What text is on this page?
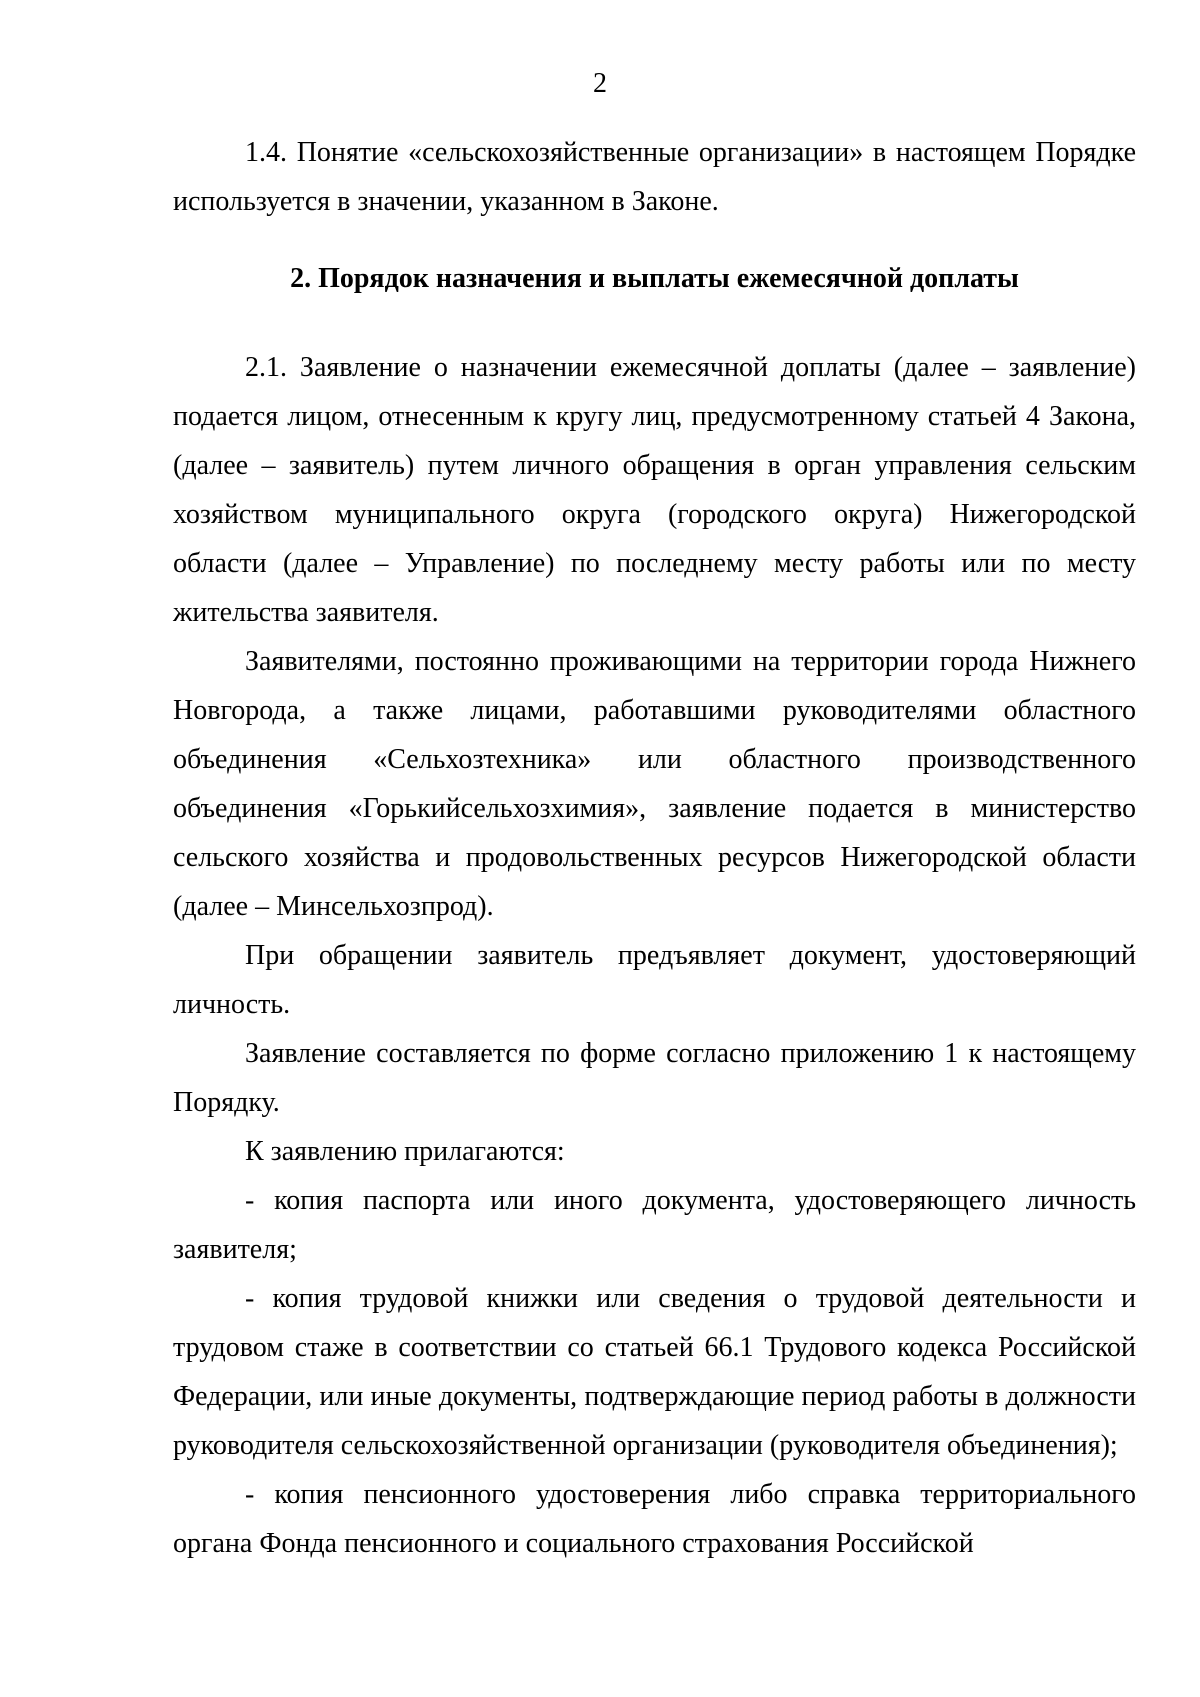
2

1.4. Понятие «сельскохозяйственные организации» в настоящем Порядке используется в значении, указанном в Законе.

2. Порядок назначения и выплаты ежемесячной доплаты

2.1. Заявление о назначении ежемесячной доплаты (далее – заявление) подается лицом, отнесенным к кругу лиц, предусмотренному статьей 4 Закона, (далее – заявитель) путем личного обращения в орган управления сельским хозяйством муниципального округа (городского округа) Нижегородской области (далее – Управление) по последнему месту работы или по месту жительства заявителя.

Заявителями, постоянно проживающими на территории города Нижнего Новгорода, а также лицами, работавшими руководителями областного объединения «Сельхозтехника» или областного производственного объединения «Горькийсельхозхимия», заявление подается в министерство сельского хозяйства и продовольственных ресурсов Нижегородской области (далее – Минсельхозпрод).

При обращении заявитель предъявляет документ, удостоверяющий личность.

Заявление составляется по форме согласно приложению 1 к настоящему Порядку.

К заявлению прилагаются:

- копия паспорта или иного документа, удостоверяющего личность заявителя;

- копия трудовой книжки или сведения о трудовой деятельности и трудовом стаже в соответствии со статьей 66.1 Трудового кодекса Российской Федерации, или иные документы, подтверждающие период работы в должности руководителя сельскохозяйственной организации (руководителя объединения);

- копия пенсионного удостоверения либо справка территориального органа Фонда пенсионного и социального страхования Российской
